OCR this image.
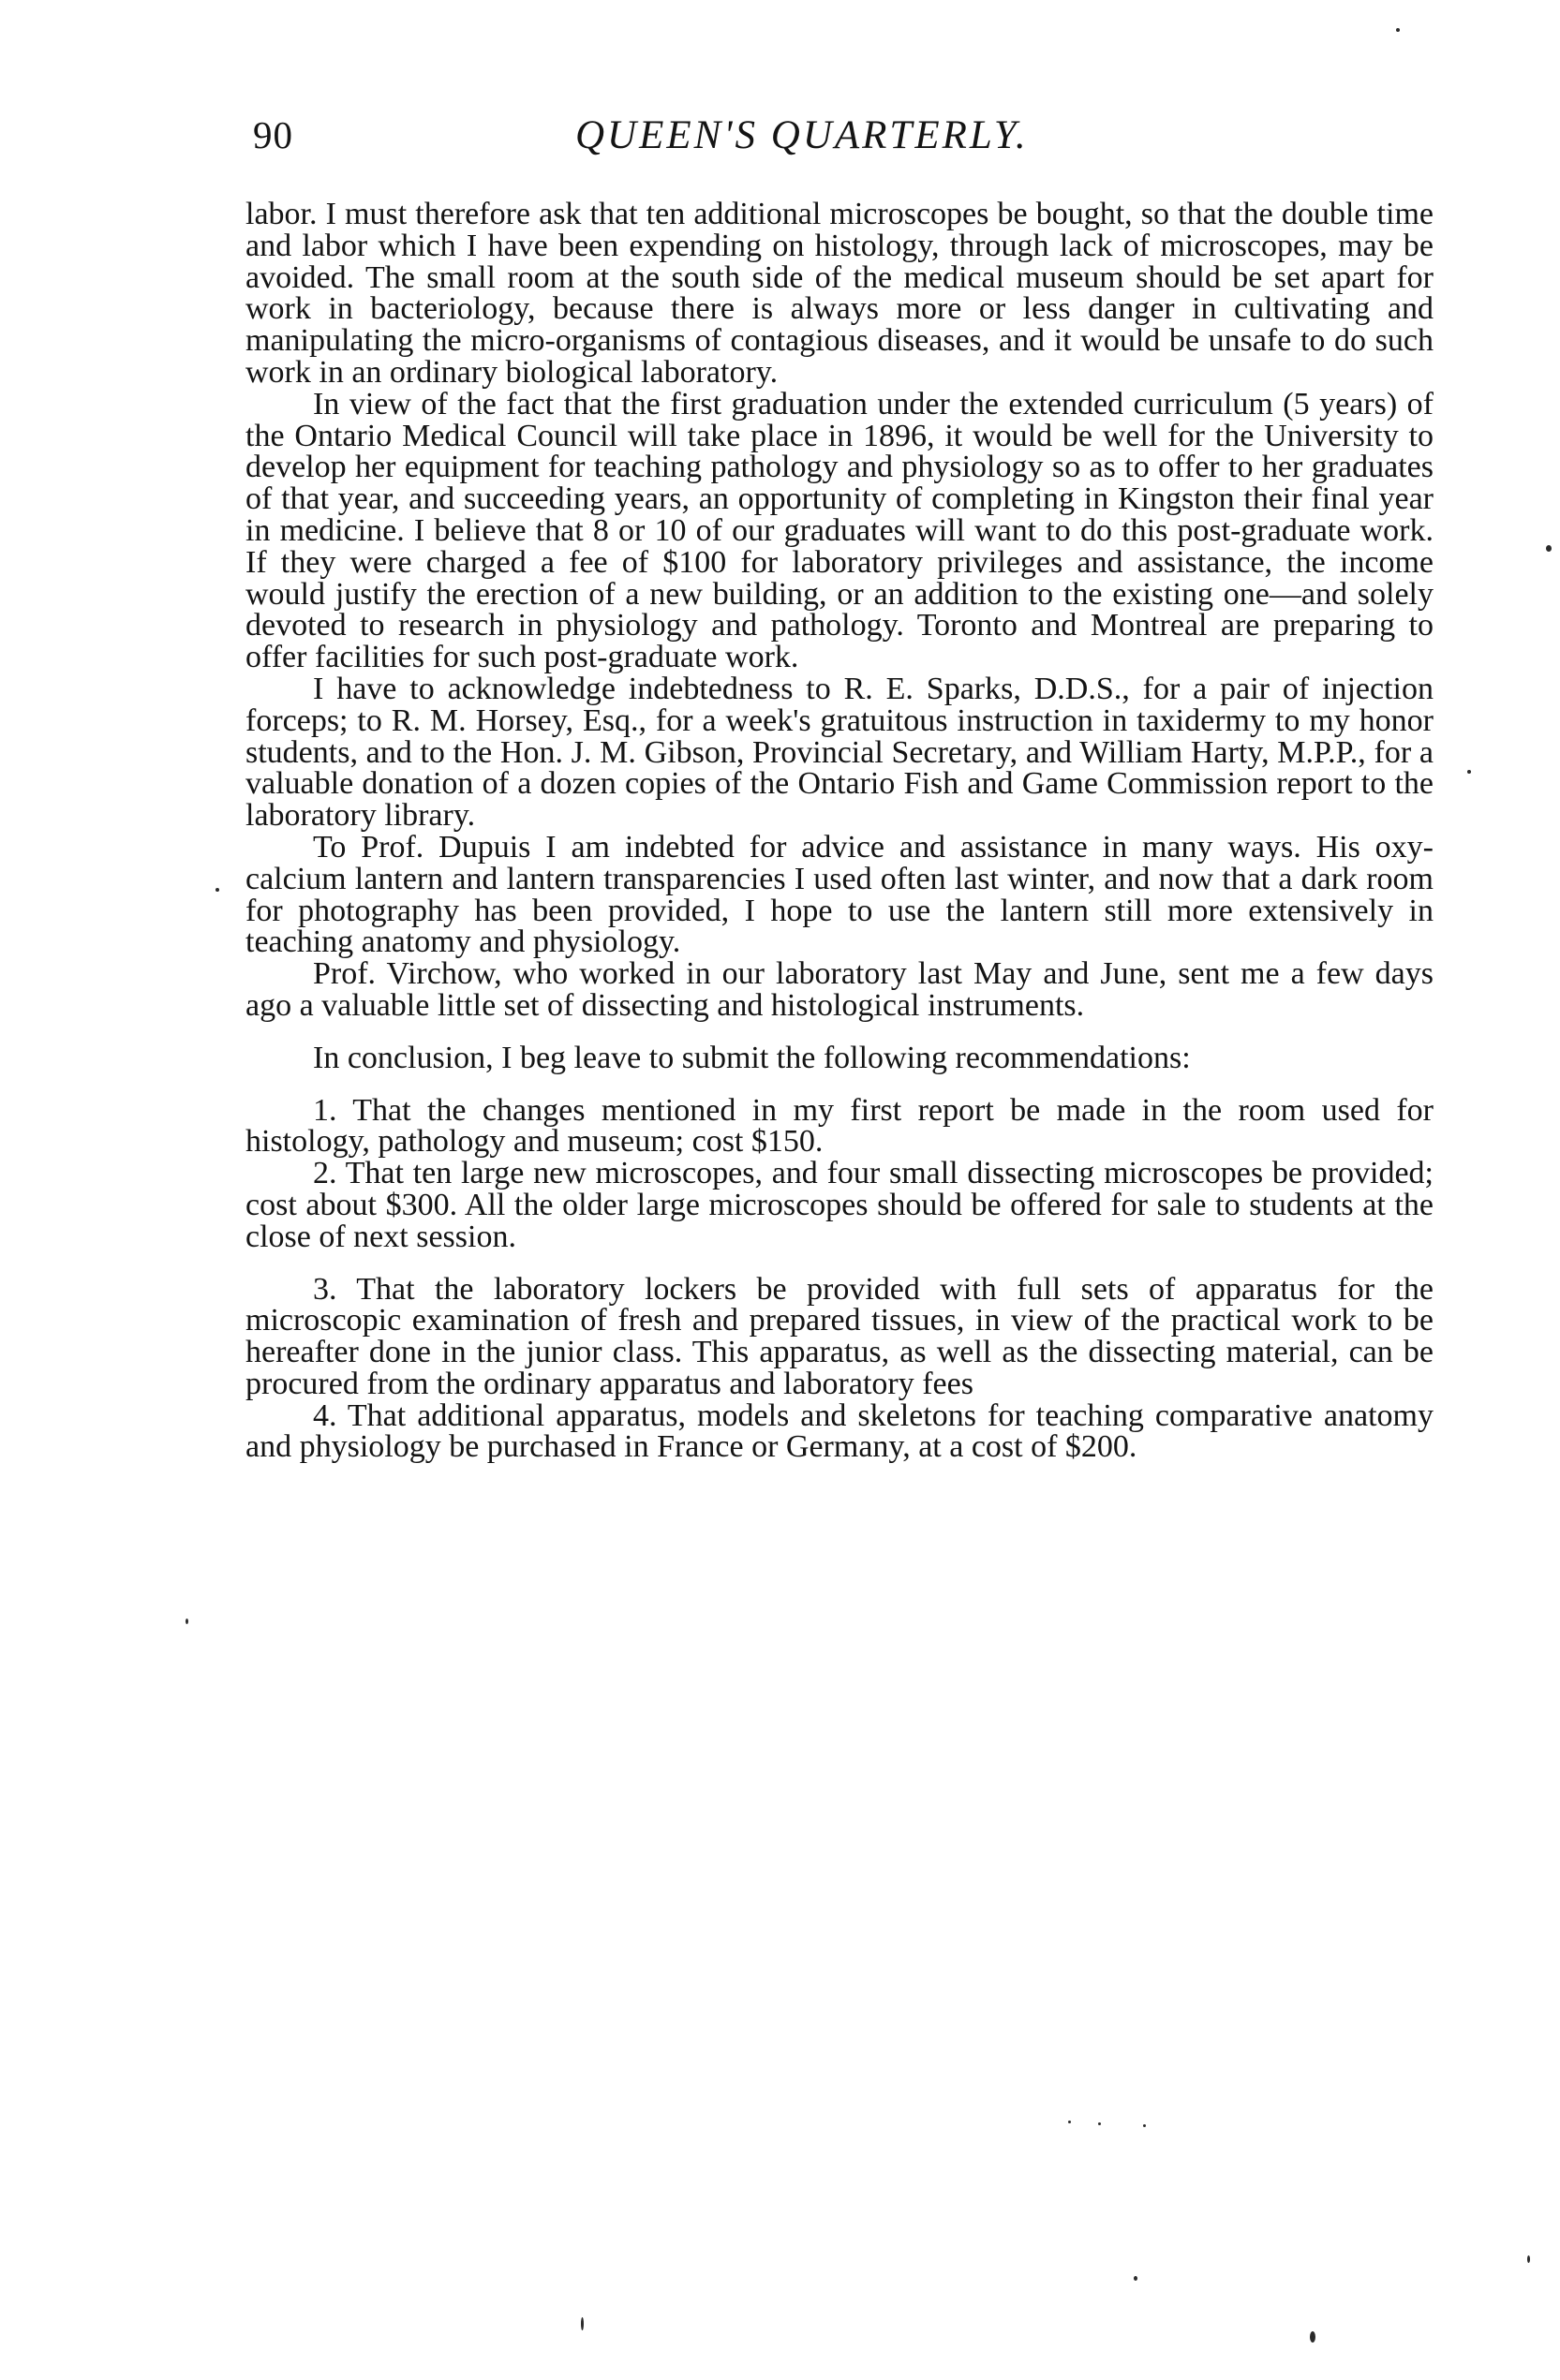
90	QUEEN'S QUARTERLY.

labor. I must therefore ask that ten additional microscopes be bought, so that the double time and labor which I have been expending on histology, through lack of microscopes, may be avoided. The small room at the south side of the medical museum should be set apart for work in bacteriology, because there is always more or less danger in cultivating and manipulating the micro-organisms of contagious diseases, and it would be unsafe to do such work in an ordinary biological laboratory.

In view of the fact that the first graduation under the extended curriculum (5 years) of the Ontario Medical Council will take place in 1896, it would be well for the University to develop her equipment for teaching pathology and physiology so as to offer to her graduates of that year, and succeeding years, an opportunity of completing in Kingston their final year in medicine. I believe that 8 or 10 of our graduates will want to do this post-graduate work. If they were charged a fee of $100 for laboratory privileges and assistance, the income would justify the erection of a new building, or an addition to the existing one—and solely devoted to research in physiology and pathology. Toronto and Montreal are preparing to offer facilities for such post-graduate work.

I have to acknowledge indebtedness to R. E. Sparks, D.D.S., for a pair of injection forceps; to R. M. Horsey, Esq., for a week's gratuitous instruction in taxidermy to my honor students, and to the Hon. J. M. Gibson, Provincial Secretary, and William Harty, M.P.P., for a valuable donation of a dozen copies of the Ontario Fish and Game Commission report to the laboratory library.

To Prof. Dupuis I am indebted for advice and assistance in many ways. His oxy-calcium lantern and lantern transparencies I used often last winter, and now that a dark room for photography has been provided, I hope to use the lantern still more extensively in teaching anatomy and physiology.

Prof. Virchow, who worked in our laboratory last May and June, sent me a few days ago a valuable little set of dissecting and histological instruments.

In conclusion, I beg leave to submit the following recommendations:

1. That the changes mentioned in my first report be made in the room used for histology, pathology and museum; cost $150.

2. That ten large new microscopes, and four small dissecting microscopes be provided; cost about $300. All the older large microscopes should be offered for sale to students at the close of next session.

3. That the laboratory lockers be provided with full sets of apparatus for the microscopic examination of fresh and prepared tissues, in view of the practical work to be hereafter done in the junior class. This apparatus, as well as the dissecting material, can be procured from the ordinary apparatus and laboratory fees

4. That additional apparatus, models and skeletons for teaching comparative anatomy and physiology be purchased in France or Germany, at a cost of $200.
